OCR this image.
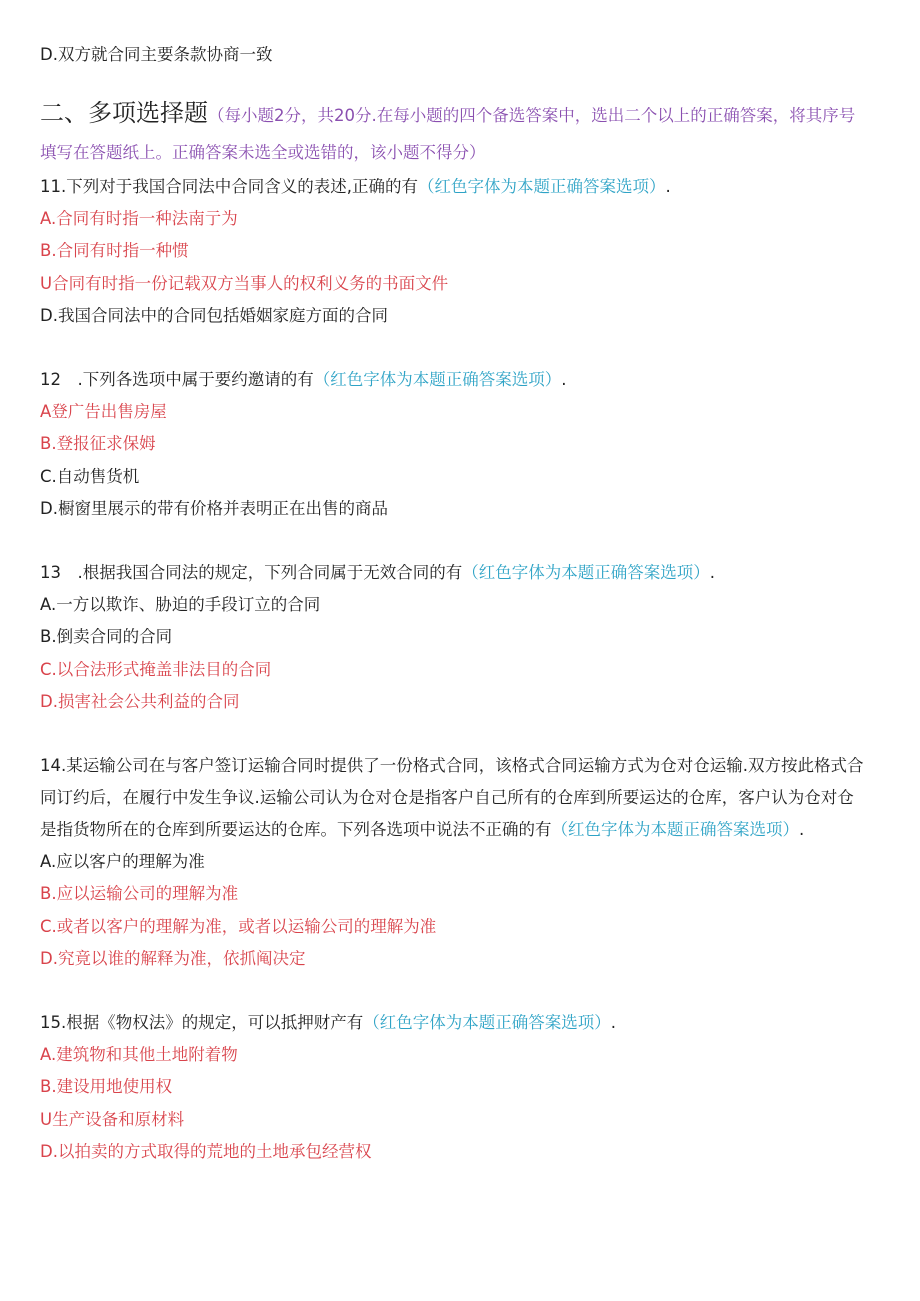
D.双方就合同主要条款协商一致
二、多项选择题（每小题2分，共20分.在每小题的四个备选答案中，选出二个以上的正确答案，将其序号
填写在答题纸上。正确答案未选全或选错的，该小题不得分）
11.下列对于我国合同法中合同含义的表述,正确的有（红色字体为本题正确答案选项）.
A.合同有时指一种法南亍为
B.合同有时指一种惯
U合同有时指一份记载双方当事人的权利义务的书面文件
D.我国合同法中的合同包括婚姻家庭方面的合同
12　.下列各选项中属于要约邀请的有（红色字体为本题正确答案选项）.
A登广告出售房屋
B.登报征求保姆
C.自动售货机
D.橱窗里展示的带有价格并表明正在出售的商品
13　.根据我国合同法的规定，下列合同属于无效合同的有（红色字体为本题正确答案选项）.
A.一方以欺诈、胁迫的手段订立的合同
B.倒卖合同的合同
C.以合法形式掩盖非法目的合同
D.损害社会公共利益的合同
14.某运输公司在与客户签订运输合同时提供了一份格式合同，该格式合同运输方式为仓对仓运输.双方按此格式合
同订约后，在履行中发生争议.运输公司认为仓对仓是指客户自己所有的仓库到所要运达的仓库，客户认为仓对仓
是指货物所在的仓库到所要运达的仓库。下列各选项中说法不正确的有（红色字体为本题正确答案选项）.
A.应以客户的理解为准
B.应以运输公司的理解为准
C.或者以客户的理解为准，或者以运输公司的理解为准
D.究竟以谁的解释为准，依抓阄决定
15.根据《物权法》的规定，可以抵押财产有（红色字体为本题正确答案选项）.
A.建筑物和其他土地附着物
B.建设用地使用权
U生产设备和原材料
D.以拍卖的方式取得的荒地的土地承包经营权
